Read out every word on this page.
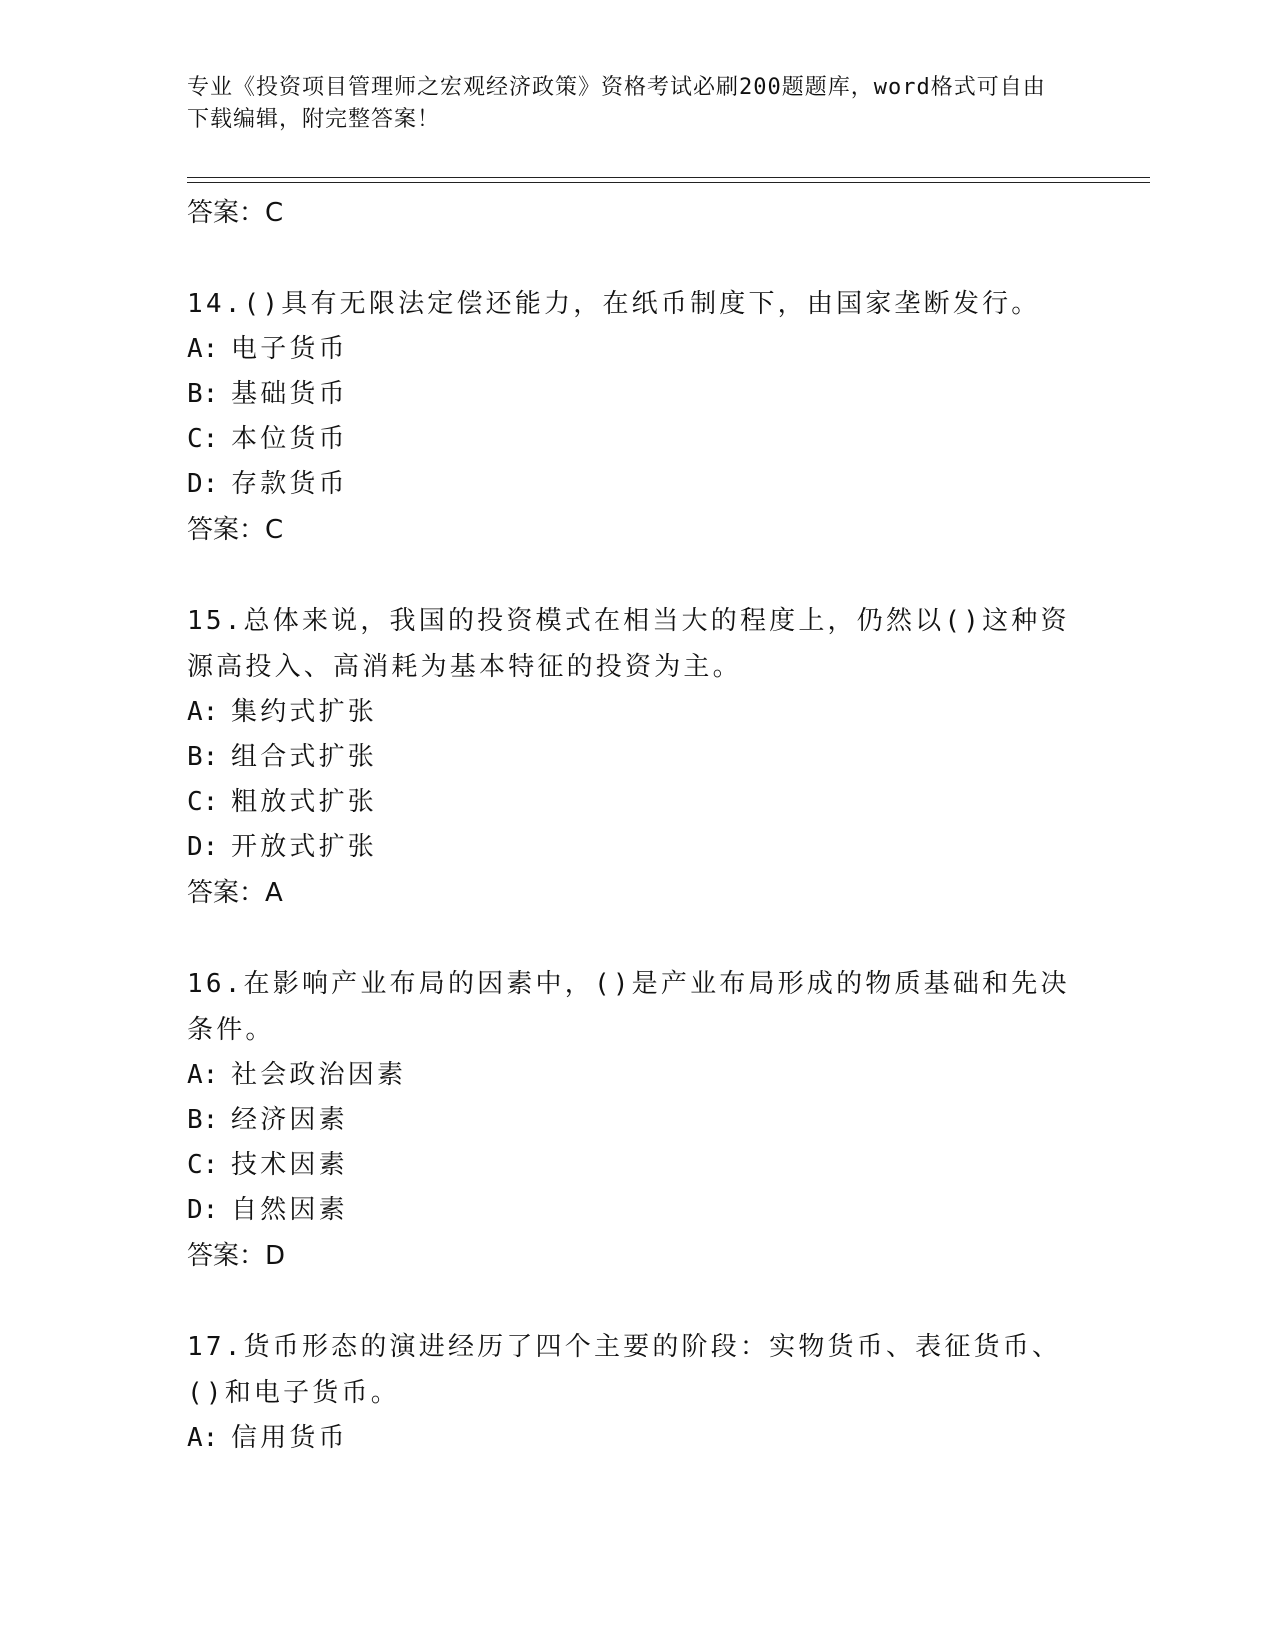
专业《投资项目管理师之宏观经济政策》资格考试必刷200题题库，word格式可自由下载编辑，附完整答案！
答案：C
14.()具有无限法定偿还能力，在纸币制度下，由国家垄断发行。
A: 电子货币
B: 基础货币
C: 本位货币
D: 存款货币
答案：C
15.总体来说，我国的投资模式在相当大的程度上，仍然以()这种资源高投入、高消耗为基本特征的投资为主。
A: 集约式扩张
B: 组合式扩张
C: 粗放式扩张
D: 开放式扩张
答案：A
16.在影响产业布局的因素中，()是产业布局形成的物质基础和先决条件。
A: 社会政治因素
B: 经济因素
C: 技术因素
D: 自然因素
答案：D
17.货币形态的演进经历了四个主要的阶段：实物货币、表征货币、()和电子货币。
A: 信用货币
